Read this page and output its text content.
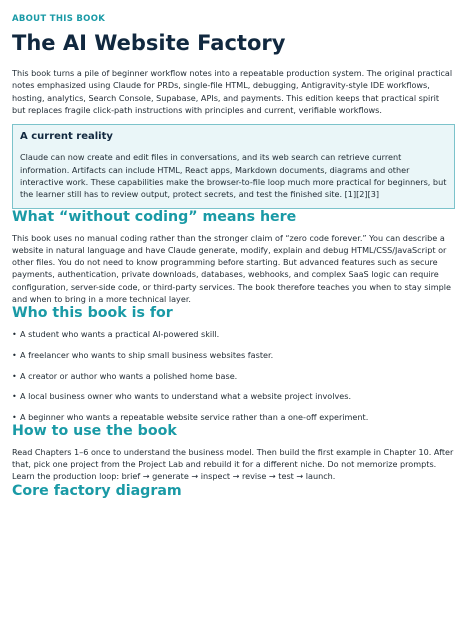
ABOUT THIS BOOK
The AI Website Factory

This book turns a pile of beginner workflow notes into a repeatable production system. The original practical notes emphasized using Claude for PRDs, single-file HTML, debugging, Antigravity-style IDE workflows, hosting, analytics, Search Console, Supabase, APIs, and payments. This edition keeps that practical spirit but replaces fragile click-path instructions with principles and current, verifiable workflows.

A current reality

Claude can now create and edit files in conversations, and its web search can retrieve current information. Artifacts can include HTML, React apps, Markdown documents, diagrams and other interactive work. These capabilities make the browser-to-file loop much more practical for beginners, but the learner still has to review output, protect secrets, and test the finished site. [1][2][3]

What “without coding” means here

This book uses no manual coding rather than the stronger claim of “zero code forever.” You can describe a website in natural language and have Claude generate, modify, explain and debug HTML/CSS/JavaScript or other files. You do not need to know programming before starting. But advanced features such as secure payments, authentication, private downloads, databases, webhooks, and complex SaaS logic can require configuration, server-side code, or third-party services. The book therefore teaches you when to stay simple and when to bring in a more technical layer.

Who this book is for
• A student who wants a practical AI-powered skill.
• A freelancer who wants to ship small business websites faster.
• A creator or author who wants a polished home base.
• A local business owner who wants to understand what a website project involves.
• A beginner who wants a repeatable website service rather than a one-off experiment.
How to use the book

Read Chapters 1–6 once to understand the business model. Then build the first example in Chapter 10. After that, pick one project from the Project Lab and rebuild it for a different niche. Do not memorize prompts. Learn the production loop: brief → generate → inspect → revise → test → launch.

Core factory diagram
